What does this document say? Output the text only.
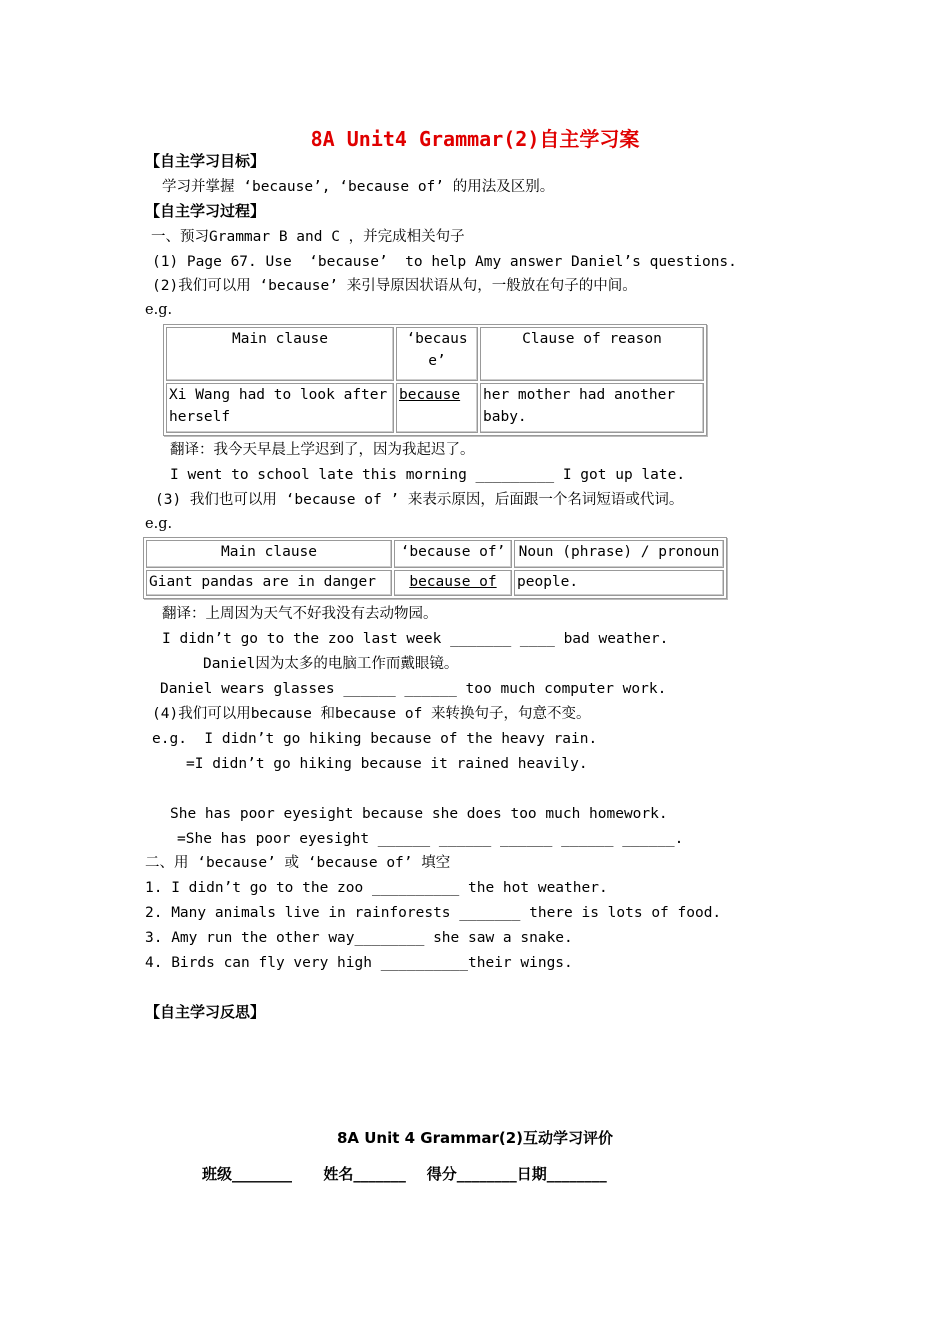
8A Unit4 Grammar(2)自主学习案
【自主学习目标】
学习并掌握 ‘because’, ‘because of’ 的用法及区别。
【自主学习过程】
一、预习Grammar B and C ，并完成相关句子
(1) Page 67. Use  ‘because’  to help Amy answer Daniel’s questions.
(2)我们可以用 ‘because’ 来引导原因状语从句，一般放在句子的中间。
e.g.
Main clause	‘because’	Clause of reason
Xi Wang had to look after herself	because	her mother had another baby.
翻译：我今天早晨上学迟到了，因为我起迟了。
I went to school late this morning _________ I got up late.
(3) 我们也可以用 ‘because of ’ 来表示原因，后面跟一个名词短语或代词。
e.g.
Main clause	‘because of’	Noun (phrase) / pronoun
Giant pandas are in danger	because of	people.
翻译：上周因为天气不好我没有去动物园。
I didn’t go to the zoo last week _______ ____ bad weather.
Daniel因为太多的电脑工作而戴眼镜。
Daniel wears glasses ______ ______ too much computer work.
(4)我们可以用because 和because of 来转换句子，句意不变。
e.g.  I didn’t go hiking because of the heavy rain.
=I didn’t go hiking because it rained heavily.
She has poor eyesight because she does too much homework.
=She has poor eyesight ______ ______ ______ ______ ______.
二、用 ‘because’ 或 ‘because of’ 填空
1. I didn’t go to the zoo __________ the hot weather.
2. Many animals live in rainforests _______ there is lots of food.
3. Amy run the other way________ she saw a snake.
4. Birds can fly very high __________their wings.
【自主学习反思】
8A Unit 4 Grammar(2)互动学习评价
班级________      姓名_______    得分________日期________
